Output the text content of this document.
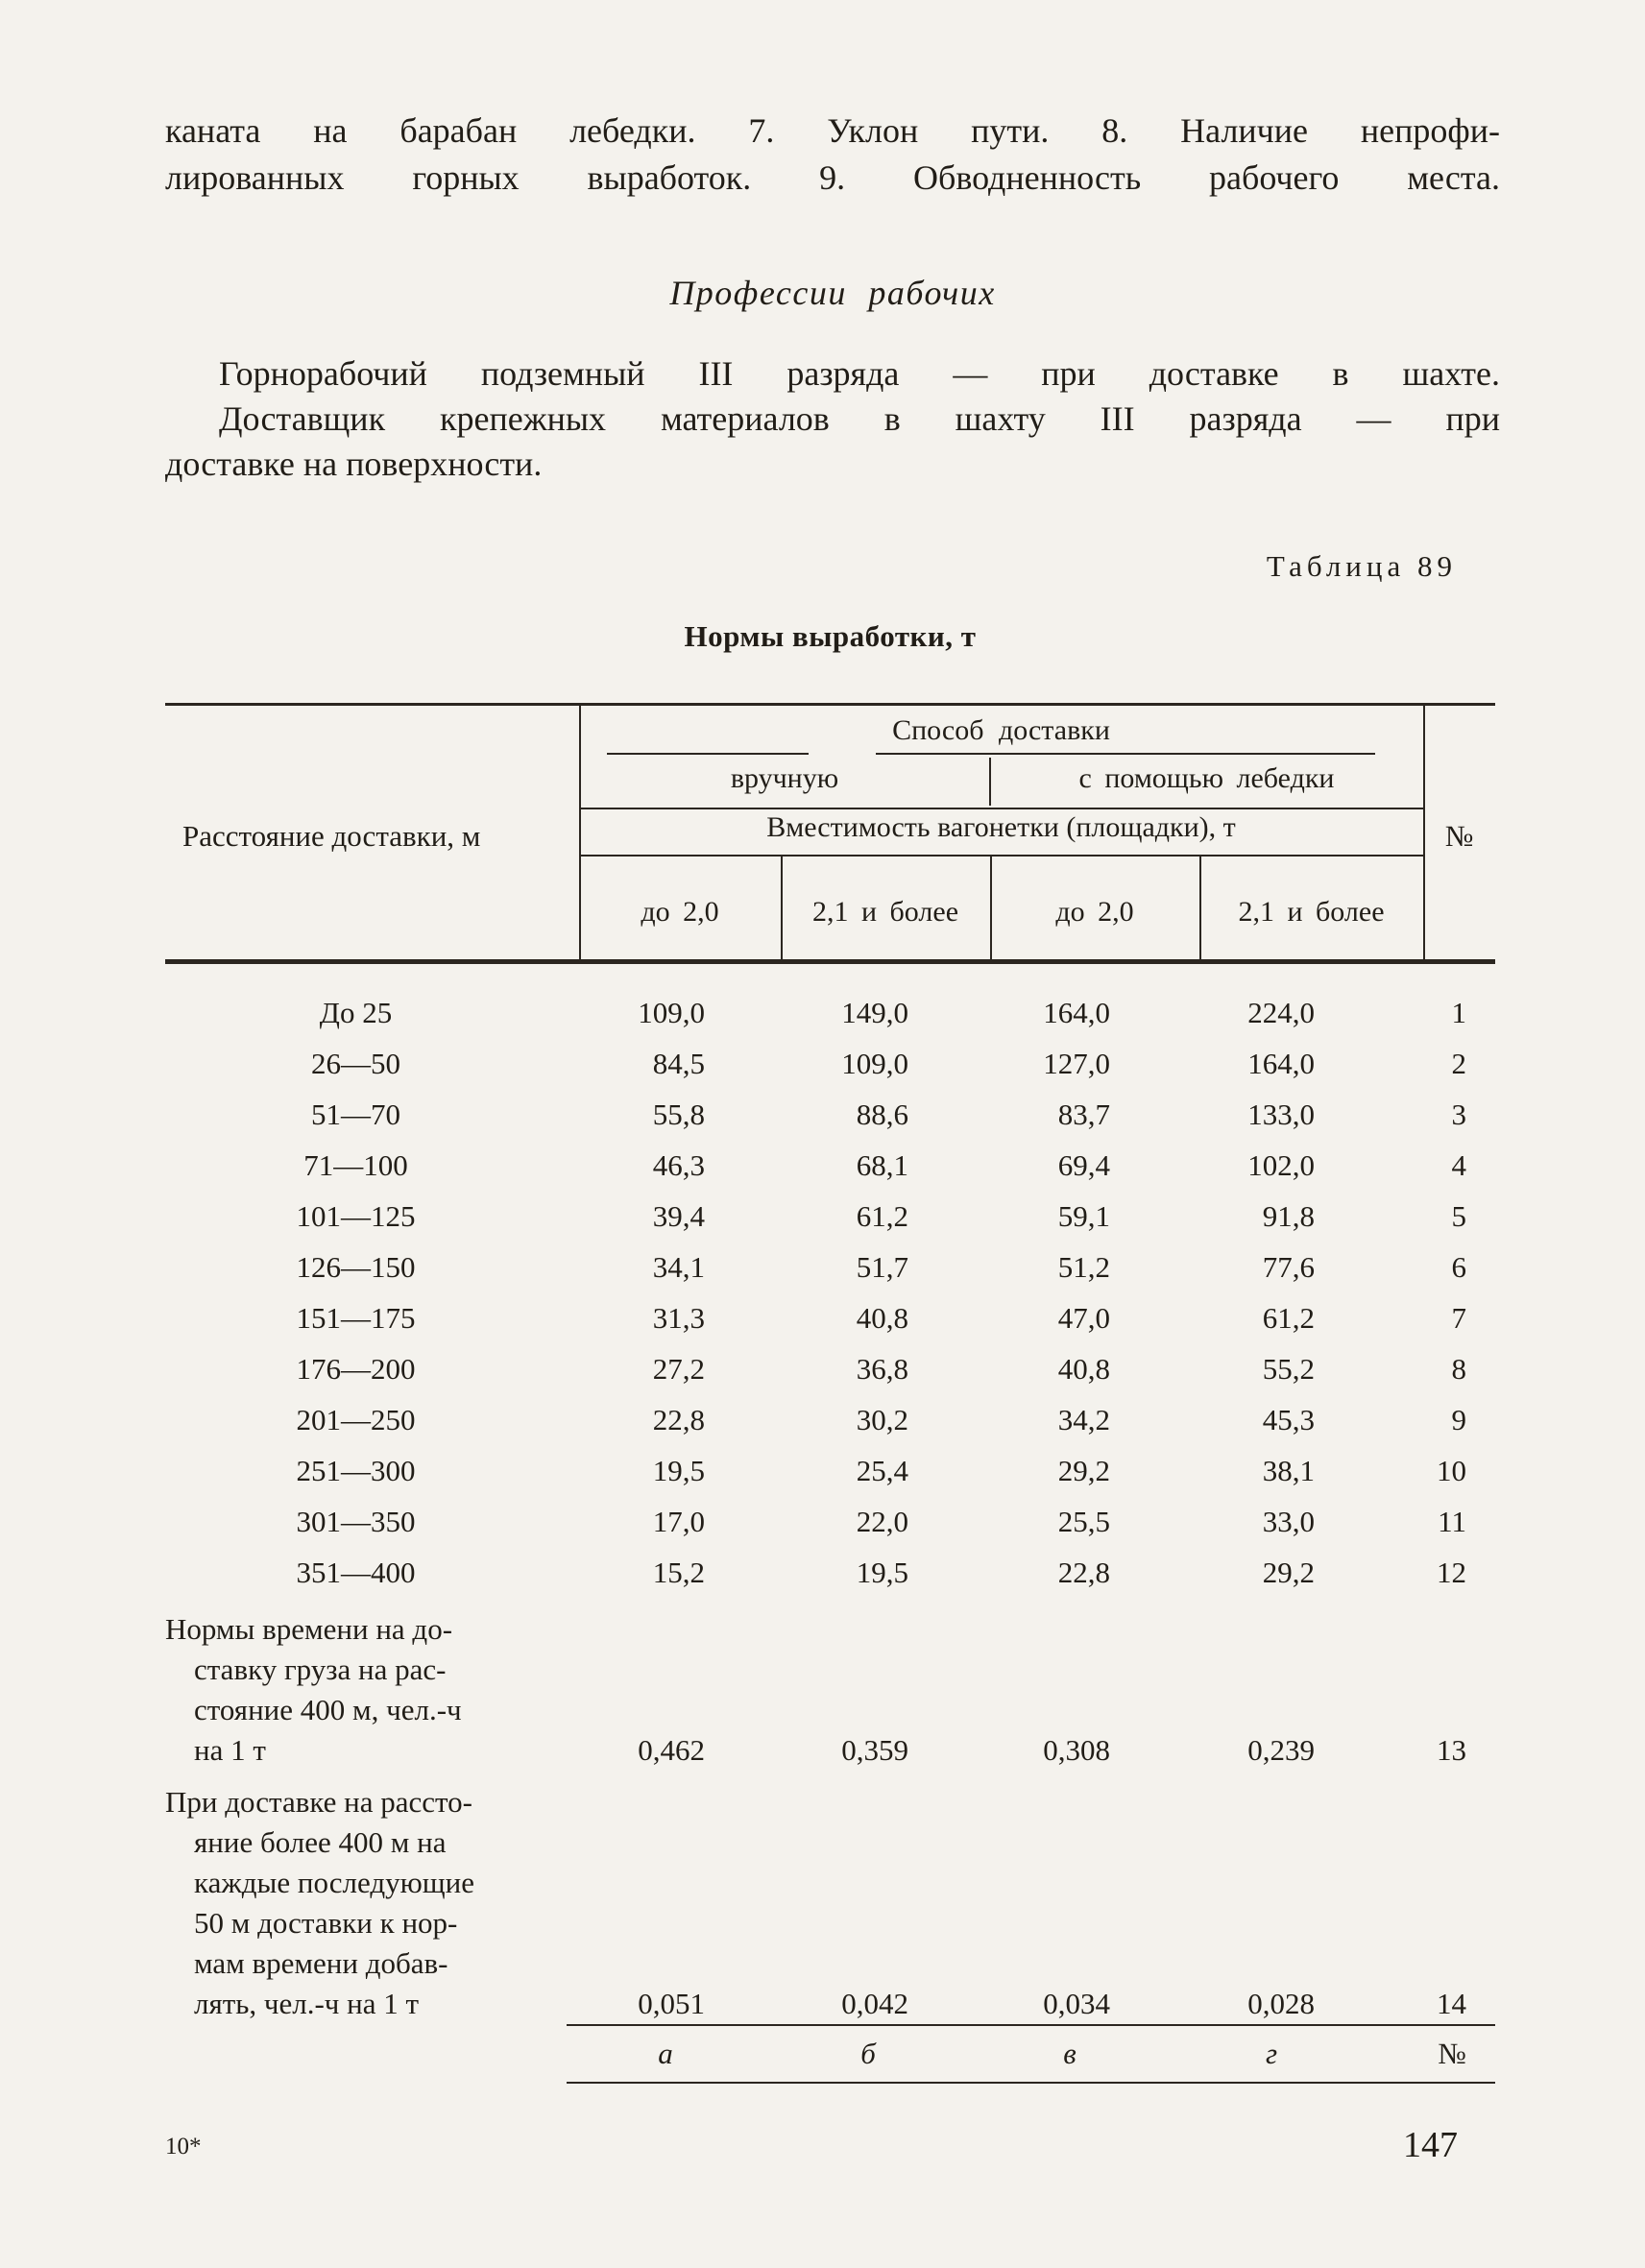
каната на барабан лебедки. 7. Уклон пути. 8. Наличие непрофи-
лированных горных выработок. 9. Обводненность рабочего места.
Профессии рабочих
Горнорабочий подземный III разряда — при доставке в шахте.
Доставщик крепежных материалов в шахту III разряда — при
доставке на поверхности.
Таблица 89
Нормы выработки, т
Расстояние доставки, м
Способ доставки
вручную	с помощью лебедки
Вместимость вагонетки (площадки), т
до 2,0	2,1 и более	до 2,0	2,1 и более
№
До 25	109,0	149,0	164,0	224,0	1
26—50	84,5	109,0	127,0	164,0	2
51—70	55,8	88,6	83,7	133,0	3
71—100	46,3	68,1	69,4	102,0	4
101—125	39,4	61,2	59,1	91,8	5
126—150	34,1	51,7	51,2	77,6	6
151—175	31,3	40,8	47,0	61,2	7
176—200	27,2	36,8	40,8	55,2	8
201—250	22,8	30,2	34,2	45,3	9
251—300	19,5	25,4	29,2	38,1	10
301—350	17,0	22,0	25,5	33,0	11
351—400	15,2	19,5	22,8	29,2	12
Нормы времени на до-
ставку груза на рас-
стояние 400 м, чел.-ч
на 1 т	0,462	0,359	0,308	0,239	13
При доставке на рассто-
яние более 400 м на
каждые последующие
50 м доставки к нор-
мам времени добав-
лять, чел.-ч на 1 т	0,051	0,042	0,034	0,028	14
а	б	в	г	№
10*	147
